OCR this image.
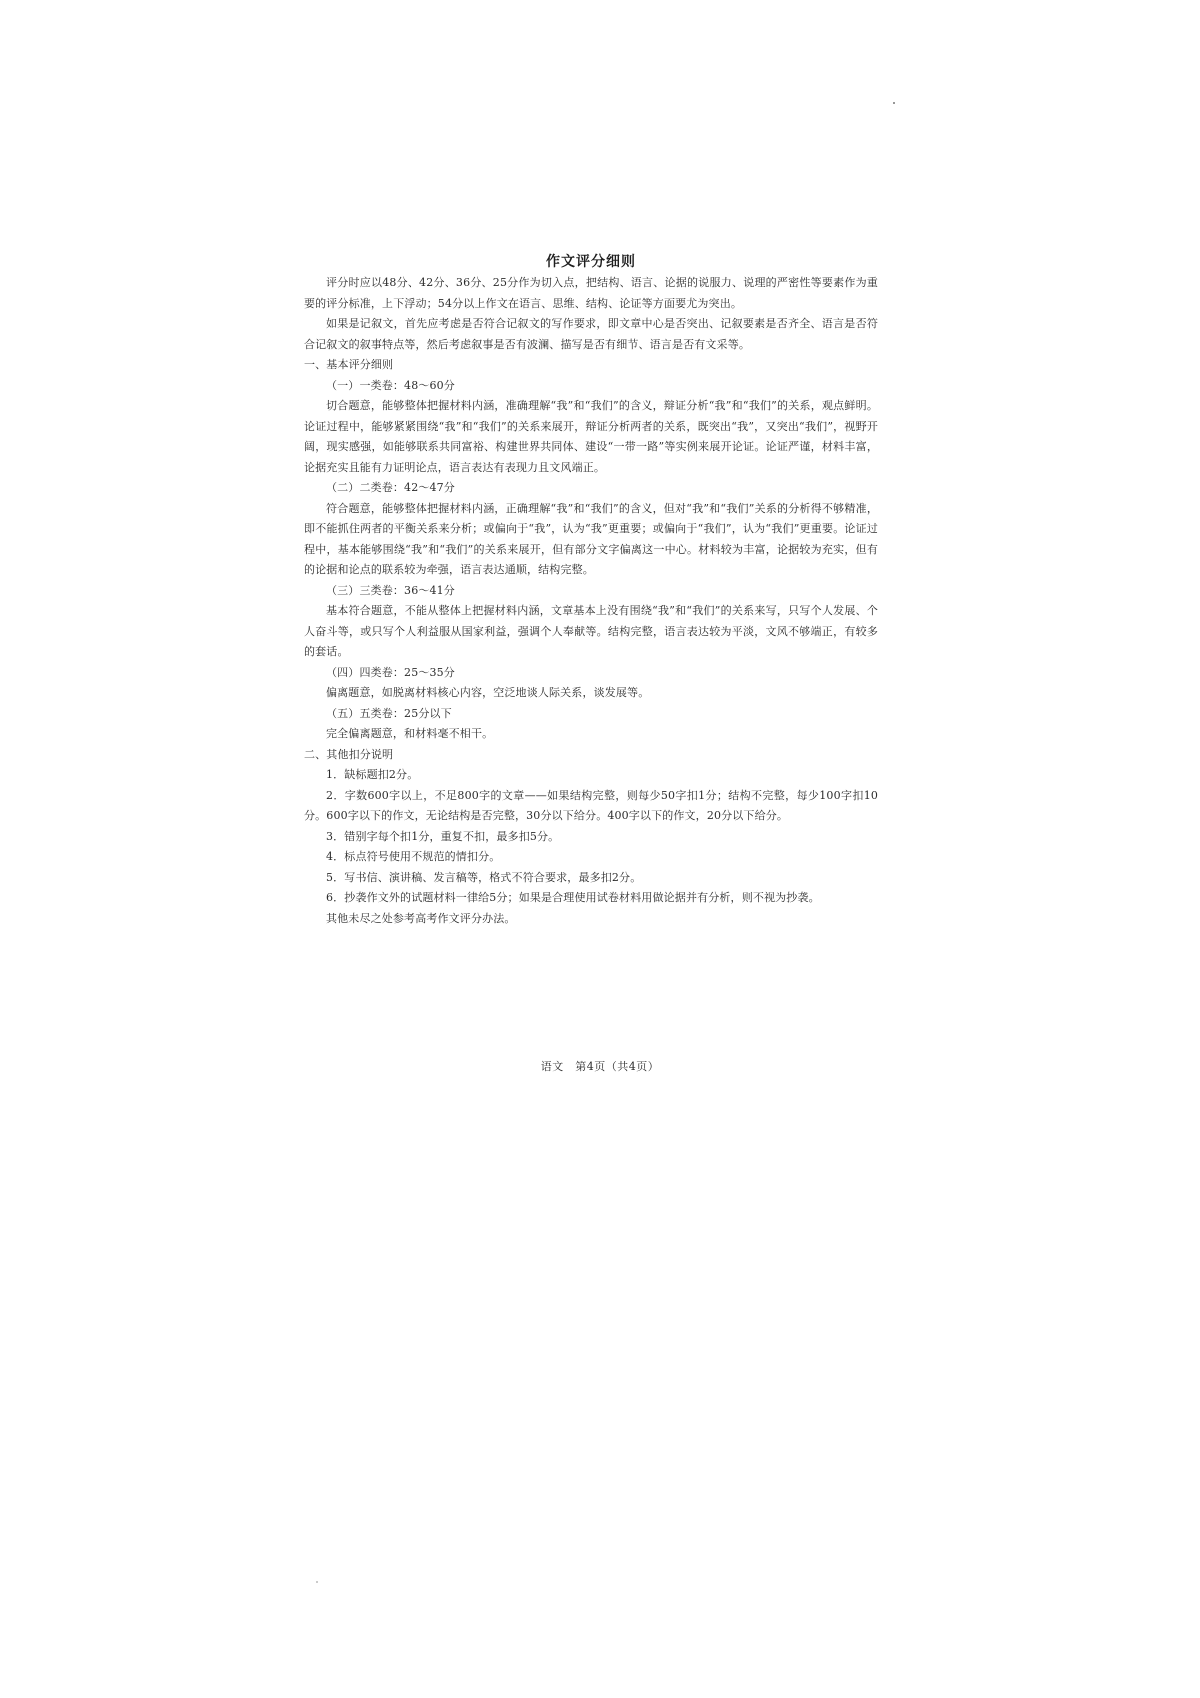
作文评分细则

评分时应以48分、42分、36分、25分作为切入点，把结构、语言、论据的说服力、说理的严密性等要素作为重要的评分标准，上下浮动；54分以上作文在语言、思维、结构、论证等方面要尤为突出。

如果是记叙文，首先应考虑是否符合记叙文的写作要求，即文章中心是否突出、记叙要素是否齐全、语言是否符合记叙文的叙事特点等，然后考虑叙事是否有波澜、描写是否有细节、语言是否有文采等。

一、基本评分细则

（一）一类卷：48～60分

切合题意，能够整体把握材料内涵，准确理解“我”和“我们”的含义，辩证分析“我”和“我们”的关系，观点鲜明。论证过程中，能够紧紧围绕“我”和“我们”的关系来展开，辩证分析两者的关系，既突出“我”，又突出“我们”，视野开阔，现实感强，如能够联系共同富裕、构建世界共同体、建设“一带一路”等实例来展开论证。论证严谨，材料丰富，论据充实且能有力证明论点，语言表达有表现力且文风端正。

（二）二类卷：42～47分

符合题意，能够整体把握材料内涵，正确理解“我”和“我们”的含义，但对“我”和“我们”关系的分析得不够精准，即不能抓住两者的平衡关系来分析；或偏向于“我”，认为“我”更重要；或偏向于“我们”，认为“我们”更重要。论证过程中，基本能够围绕“我”和“我们”的关系来展开，但有部分文字偏离这一中心。材料较为丰富，论据较为充实，但有的论据和论点的联系较为牵强，语言表达通顺，结构完整。

（三）三类卷：36～41分

基本符合题意，不能从整体上把握材料内涵，文章基本上没有围绕“我”和“我们”的关系来写，只写个人发展、个人奋斗等，或只写个人利益服从国家利益，强调个人奉献等。结构完整，语言表达较为平淡，文风不够端正，有较多的套话。

（四）四类卷：25～35分

偏离题意，如脱离材料核心内容，空泛地谈人际关系，谈发展等。

（五）五类卷：25分以下

完全偏离题意，和材料毫不相干。

二、其他扣分说明

1．缺标题扣2分。

2．字数600字以上，不足800字的文章——如果结构完整，则每少50字扣1分；结构不完整，每少100字扣10分。600字以下的作文，无论结构是否完整，30分以下给分。400字以下的作文，20分以下给分。

3．错别字每个扣1分，重复不扣，最多扣5分。

4．标点符号使用不规范的情扣分。

5．写书信、演讲稿、发言稿等，格式不符合要求，最多扣2分。

6．抄袭作文外的试题材料一律给5分；如果是合理使用试卷材料用做论据并有分析，则不视为抄袭。

其他未尽之处参考高考作文评分办法。

语文　第4页（共4页）
